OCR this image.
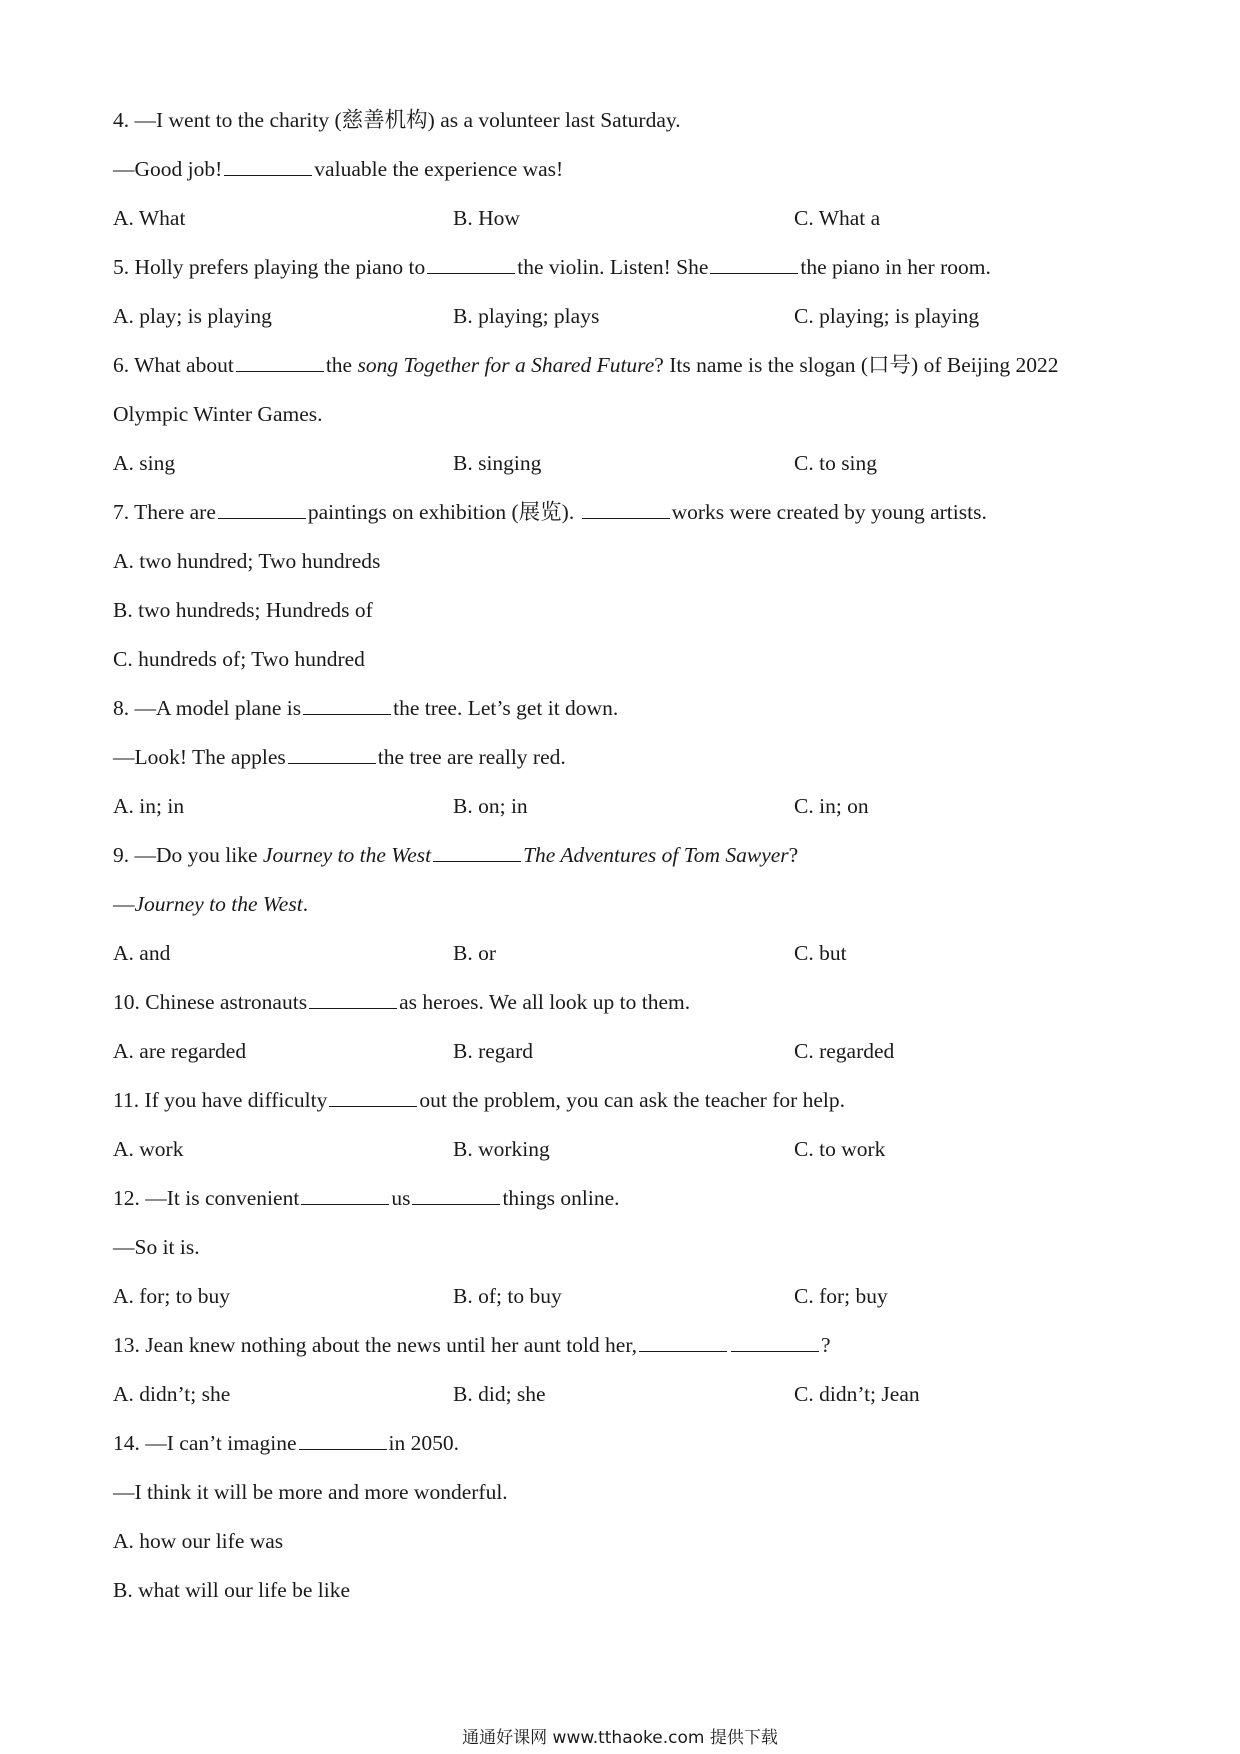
4. —I went to the charity (慈善机构) as a volunteer last Saturday.
—Good job!	valuable the experience was!
A. What	B. How	C. What a
5. Holly prefers playing the piano to	the violin. Listen! She	the piano in her room.
A. play; is playing	B. playing; plays	C. playing; is playing
6. What about	the song Together for a Shared Future? Its name is the slogan (口号) of Beijing 2022
Olympic Winter Games.
A. sing	B. singing	C. to sing
7. There are	paintings on exhibition (展览).	works were created by young artists.
A. two hundred; Two hundreds
B. two hundreds; Hundreds of
C. hundreds of; Two hundred
8. —A model plane is	the tree. Let’s get it down.
—Look! The apples	the tree are really red.
A. in; in	B. on; in	C. in; on
9. —Do you like Journey to the West	The Adventures of Tom Sawyer?
—Journey to the West.
A. and	B. or	C. but
10. Chinese astronauts	as heroes. We all look up to them.
A. are regarded	B. regard	C. regarded
11. If you have difficulty	out the problem, you can ask the teacher for help.
A. work	B. working	C. to work
12. —It is convenient	us	things online.
—So it is.
A. for; to buy	B. of; to buy	C. for; buy
13. Jean knew nothing about the news until her aunt told her,	?
A. didn’t; she	B. did; she	C. didn’t; Jean
14. —I can’t imagine	in 2050.
—I think it will be more and more wonderful.
A. how our life was
B. what will our life be like
通通好课网 www.tthaoke.com 提供下载
